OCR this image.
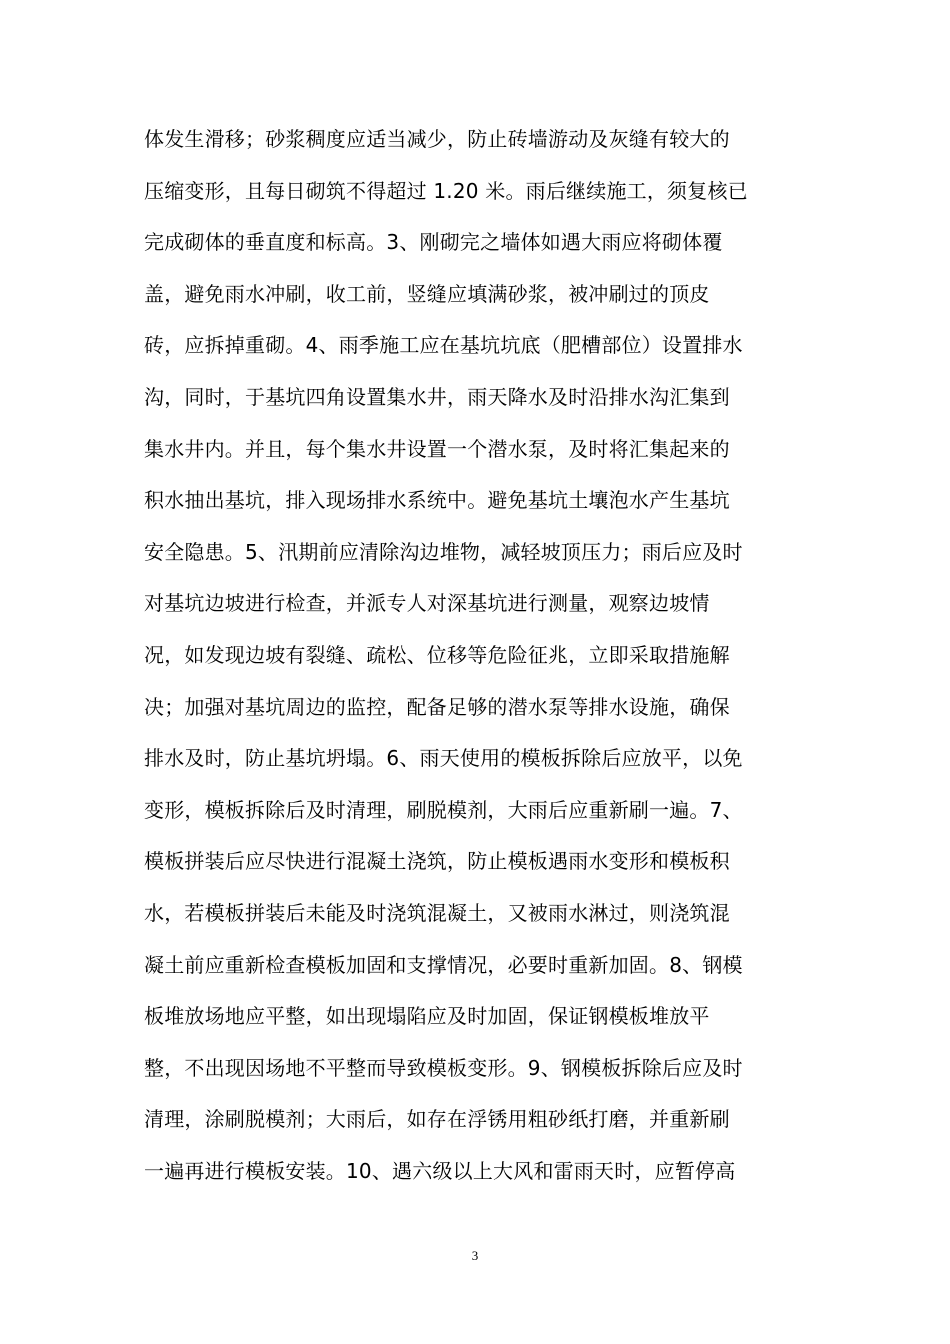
体发生滑移；砂浆稠度应适当减少，防止砖墙游动及灰缝有较大的
压缩变形，且每日砌筑不得超过 1.20 米。雨后继续施工，须复核已
完成砌体的垂直度和标高。3、刚砌完之墙体如遇大雨应将砌体覆
盖，避免雨水冲刷，收工前，竖缝应填满砂浆，被冲刷过的顶皮
砖，应拆掉重砌。4、雨季施工应在基坑坑底（肥槽部位）设置排水
沟，同时，于基坑四角设置集水井，雨天降水及时沿排水沟汇集到
集水井内。并且，每个集水井设置一个潜水泵，及时将汇集起来的
积水抽出基坑，排入现场排水系统中。避免基坑土壤泡水产生基坑
安全隐患。5、汛期前应清除沟边堆物，减轻坡顶压力；雨后应及时
对基坑边坡进行检查，并派专人对深基坑进行测量，观察边坡情
况，如发现边坡有裂缝、疏松、位移等危险征兆，立即采取措施解
决；加强对基坑周边的监控，配备足够的潜水泵等排水设施，确保
排水及时，防止基坑坍塌。6、雨天使用的模板拆除后应放平，以免
变形，模板拆除后及时清理，刷脱模剂，大雨后应重新刷一遍。7、
模板拼装后应尽快进行混凝土浇筑，防止模板遇雨水变形和模板积
水，若模板拼装后未能及时浇筑混凝土，又被雨水淋过，则浇筑混
凝土前应重新检查模板加固和支撑情况，必要时重新加固。8、钢模
板堆放场地应平整，如出现塌陷应及时加固，保证钢模板堆放平
整，不出现因场地不平整而导致模板变形。9、钢模板拆除后应及时
清理，涂刷脱模剂；大雨后，如存在浮锈用粗砂纸打磨，并重新刷
一遍再进行模板安装。10、遇六级以上大风和雷雨天时，应暂停高
3
